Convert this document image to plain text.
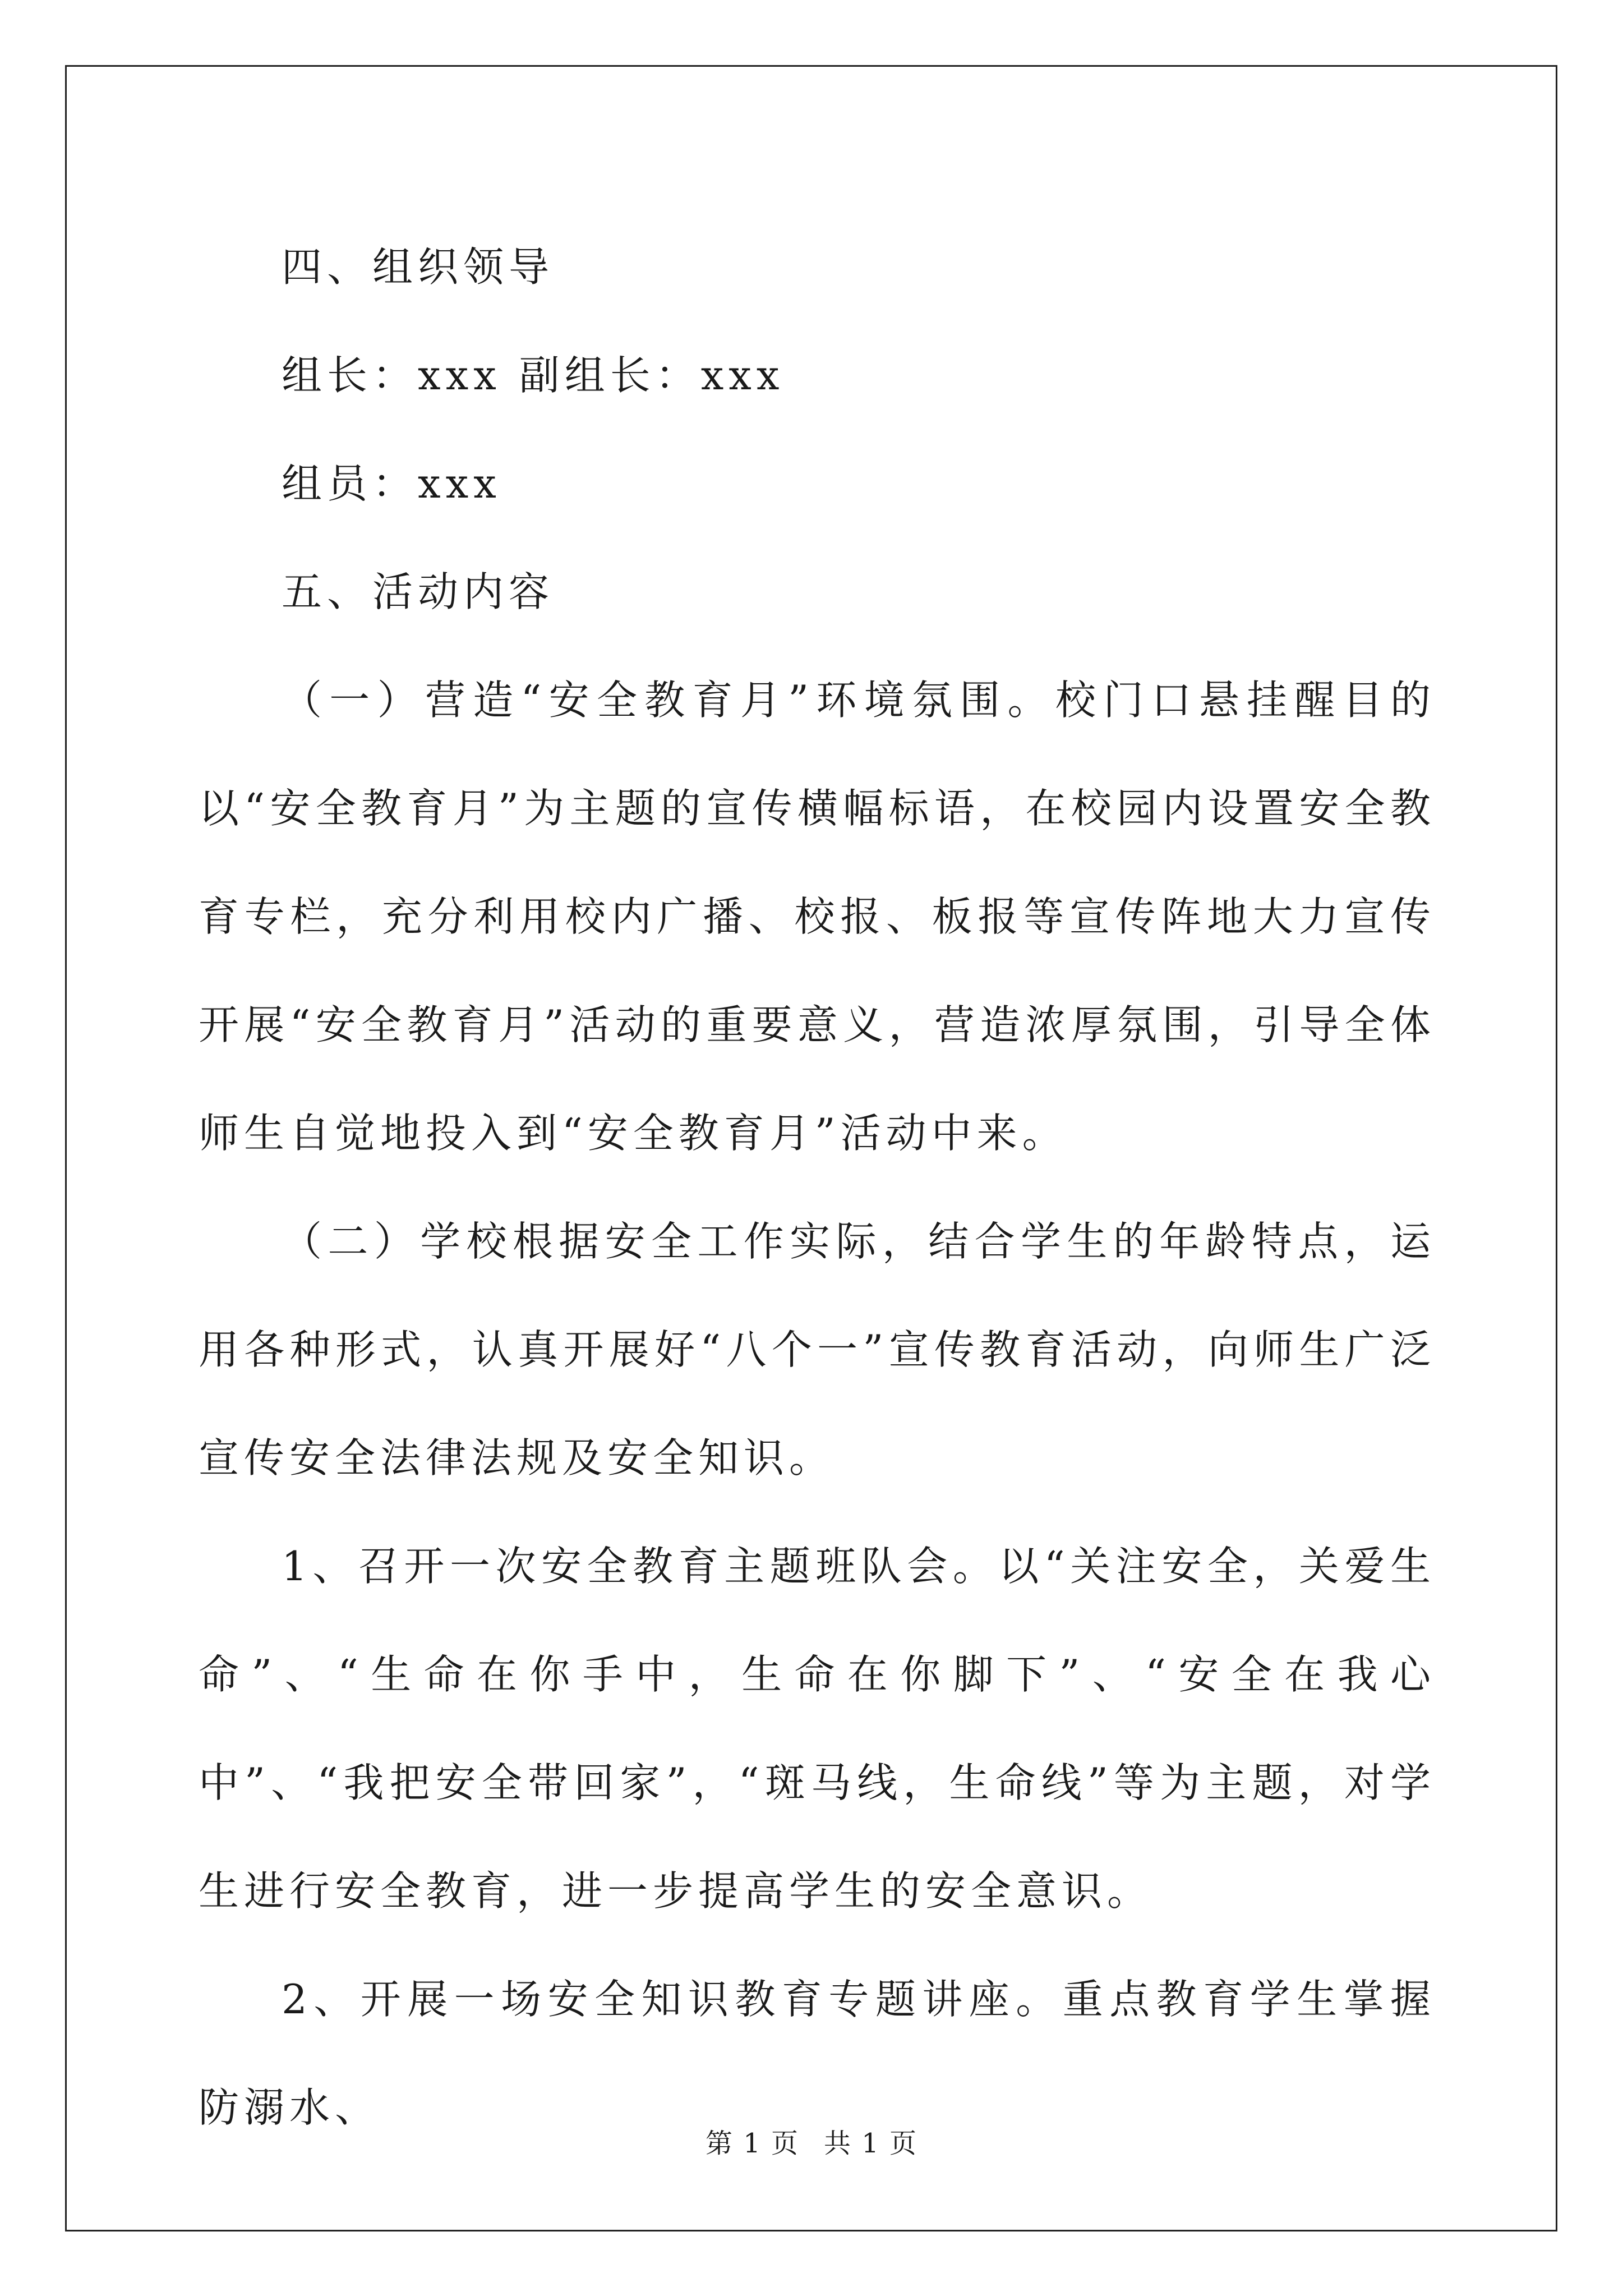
四、组织领导

组长：xxx 副组长：xxx

组员：xxx

五、活动内容

（一）营造“安全教育月”环境氛围。校门口悬挂醒目的以“安全教育月”为主题的宣传横幅标语，在校园内设置安全教育专栏，充分利用校内广播、校报、板报等宣传阵地大力宣传开展“安全教育月”活动的重要意义，营造浓厚氛围，引导全体师生自觉地投入到“安全教育月”活动中来。

（二）学校根据安全工作实际，结合学生的年龄特点，运用各种形式，认真开展好“八个一”宣传教育活动，向师生广泛宣传安全法律法规及安全知识。

1、召开一次安全教育主题班队会。以“关注安全，关爱生命”、“生命在你手中，生命在你脚下”、“安全在我心中”、“我把安全带回家”，“斑马线，生命线”等为主题，对学生进行安全教育，进一步提高学生的安全意识。

2、开展一场安全知识教育专题讲座。重点教育学生掌握防溺水、

第 1 页 共 1 页
